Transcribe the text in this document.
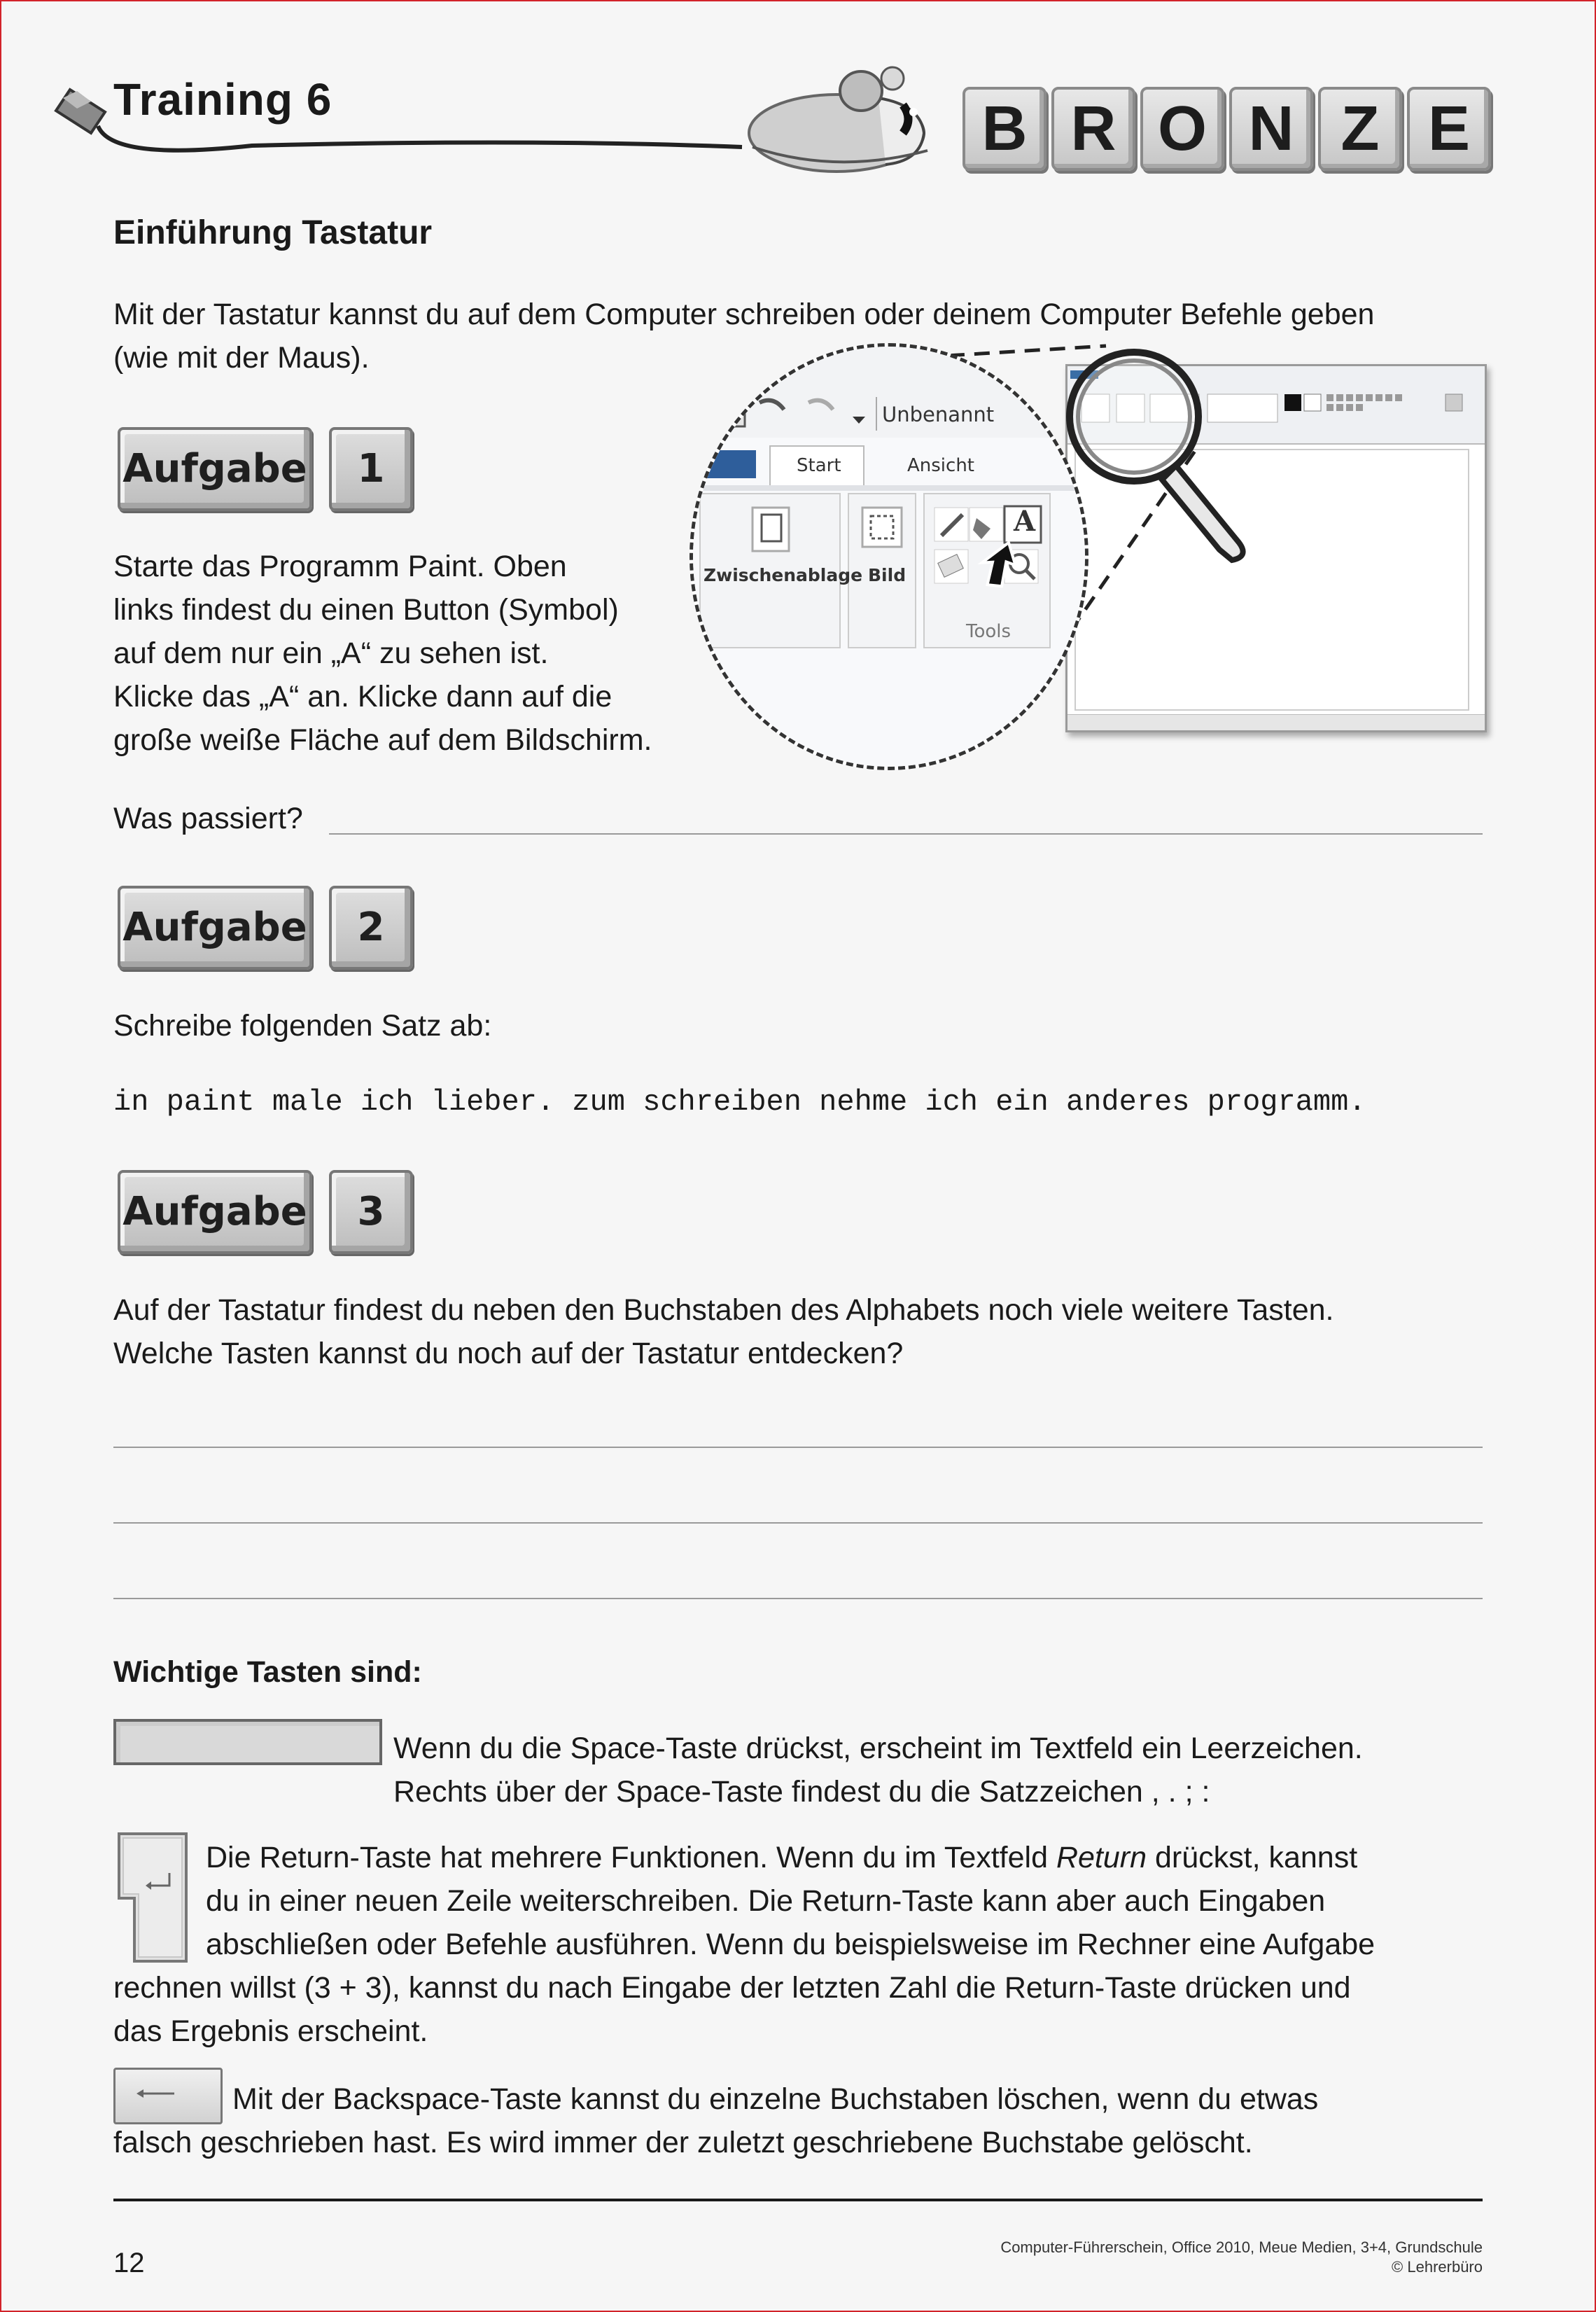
Training 6	B R O N Z E
Einführung Tastatur
Mit der Tastatur kannst du auf dem Computer schreiben oder deinem Computer Befehle geben
(wie mit der Maus).
Aufgabe	1
Starte das Programm Paint. Oben
links findest du einen Button (Symbol)
auf dem nur ein „A“ zu sehen ist.
Klicke das „A“ an. Klicke dann auf die
große weiße Fläche auf dem Bildschirm.
Was passiert?
Unbenannt
Start	Ansicht
Zwischenablage Bild
Tools
A
Aufgabe	2
Schreibe folgenden Satz ab:
in paint male ich lieber. zum schreiben nehme ich ein anderes programm.
Aufgabe	3
Auf der Tastatur findest du neben den Buchstaben des Alphabets noch viele weitere Tasten.
Welche Tasten kannst du noch auf der Tastatur entdecken?
Wichtige Tasten sind:
Wenn du die Space-Taste drückst, erscheint im Textfeld ein Leerzeichen.
Rechts über der Space-Taste findest du die Satzzeichen , . ; :
Die Return-Taste hat mehrere Funktionen. Wenn du im Textfeld Return drückst, kannst
du in einer neuen Zeile weiterschreiben. Die Return-Taste kann aber auch Eingaben
abschließen oder Befehle ausführen. Wenn du beispielsweise im Rechner eine Aufgabe
rechnen willst (3 + 3), kannst du nach Eingabe der letzten Zahl die Return-Taste drücken und
das Ergebnis erscheint.
Mit der Backspace-Taste kannst du einzelne Buchstaben löschen, wenn du etwas
falsch geschrieben hast. Es wird immer der zuletzt geschriebene Buchstabe gelöscht.
12
Computer-Führerschein, Office 2010, Meue Medien, 3+4, Grundschule
© Lehrerbüro
